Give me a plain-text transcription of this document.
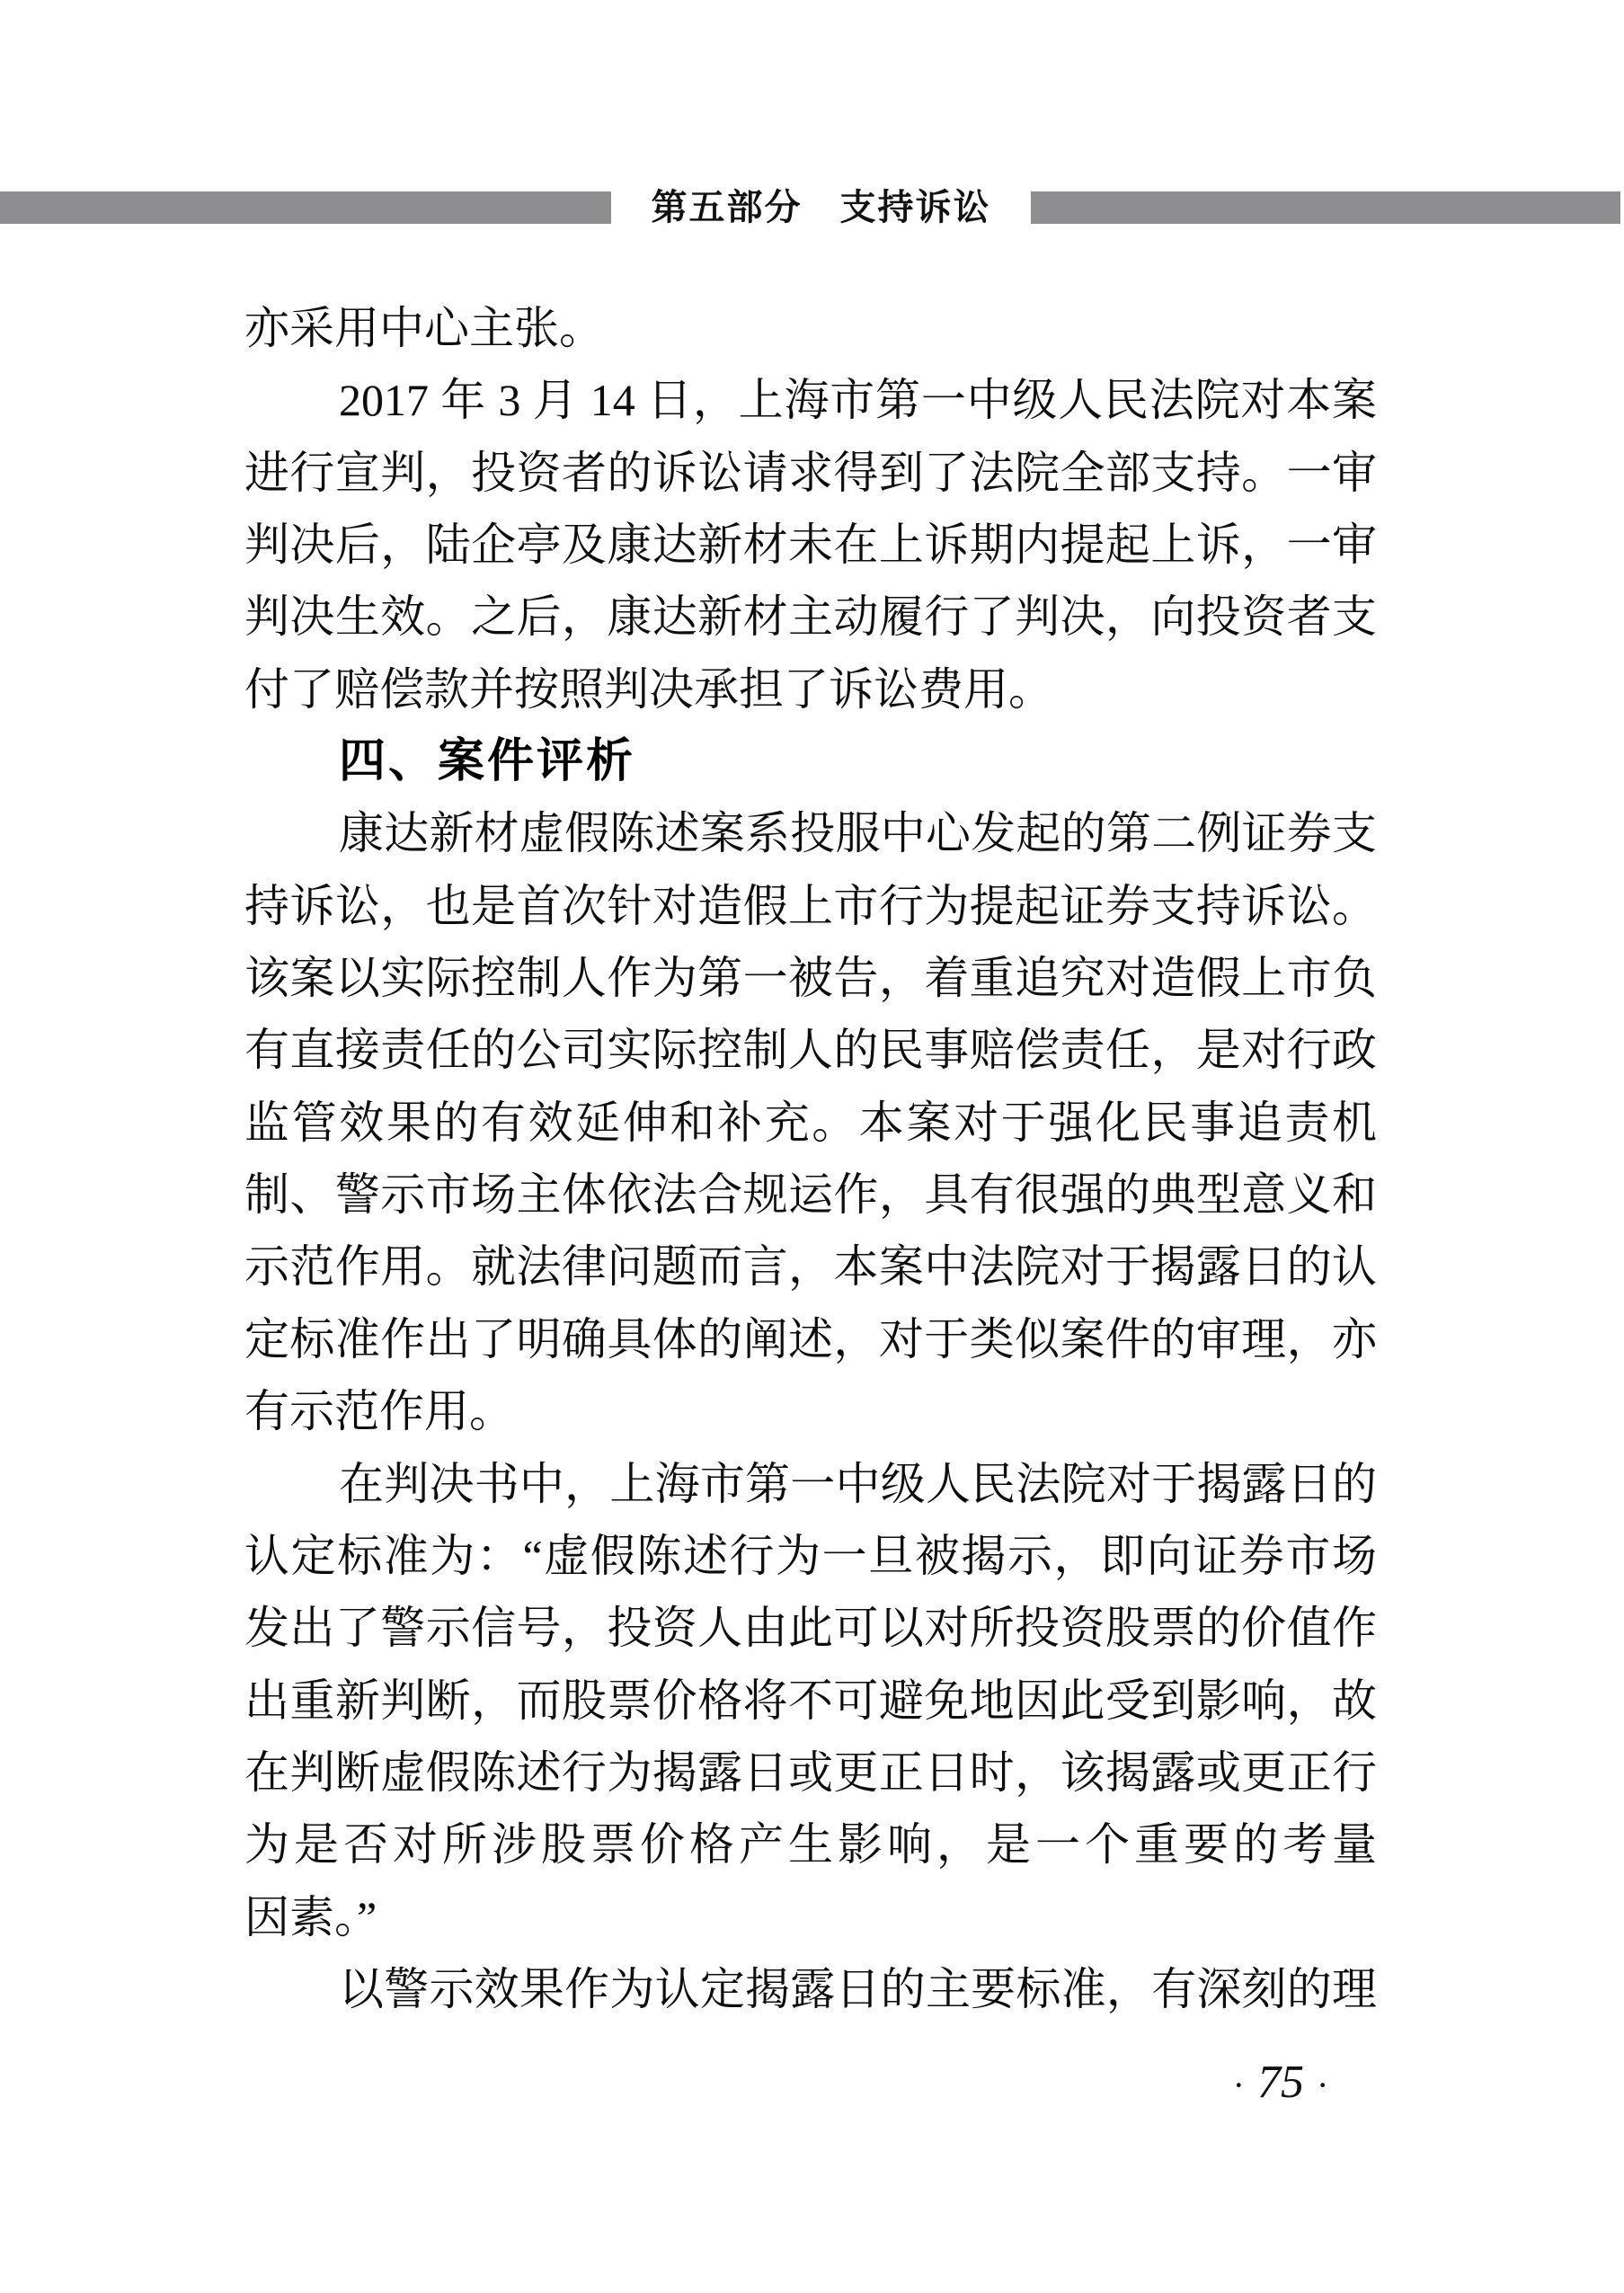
第五部分　支持诉讼
亦采用中心主张。
2017 年 3 月 14 日，上海市第一中级人民法院对本案
进行宣判，投资者的诉讼请求得到了法院全部支持。一审
判决后，陆企亭及康达新材未在上诉期内提起上诉，一审
判决生效。之后，康达新材主动履行了判决，向投资者支
付了赔偿款并按照判决承担了诉讼费用。
四、案件评析
康达新材虚假陈述案系投服中心发起的第二例证券支
持诉讼，也是首次针对造假上市行为提起证券支持诉讼。
该案以实际控制人作为第一被告，着重追究对造假上市负
有直接责任的公司实际控制人的民事赔偿责任，是对行政
监管效果的有效延伸和补充。本案对于强化民事追责机
制、警示市场主体依法合规运作，具有很强的典型意义和
示范作用。就法律问题而言，本案中法院对于揭露日的认
定标准作出了明确具体的阐述，对于类似案件的审理，亦
有示范作用。
在判决书中，上海市第一中级人民法院对于揭露日的
认定标准为：“虚假陈述行为一旦被揭示，即向证券市场
发出了警示信号，投资人由此可以对所投资股票的价值作
出重新判断，而股票价格将不可避免地因此受到影响，故
在判断虚假陈述行为揭露日或更正日时，该揭露或更正行
为是否对所涉股票价格产生影响，是一个重要的考量
因素。”
以警示效果作为认定揭露日的主要标准，有深刻的理
· 75 ·
